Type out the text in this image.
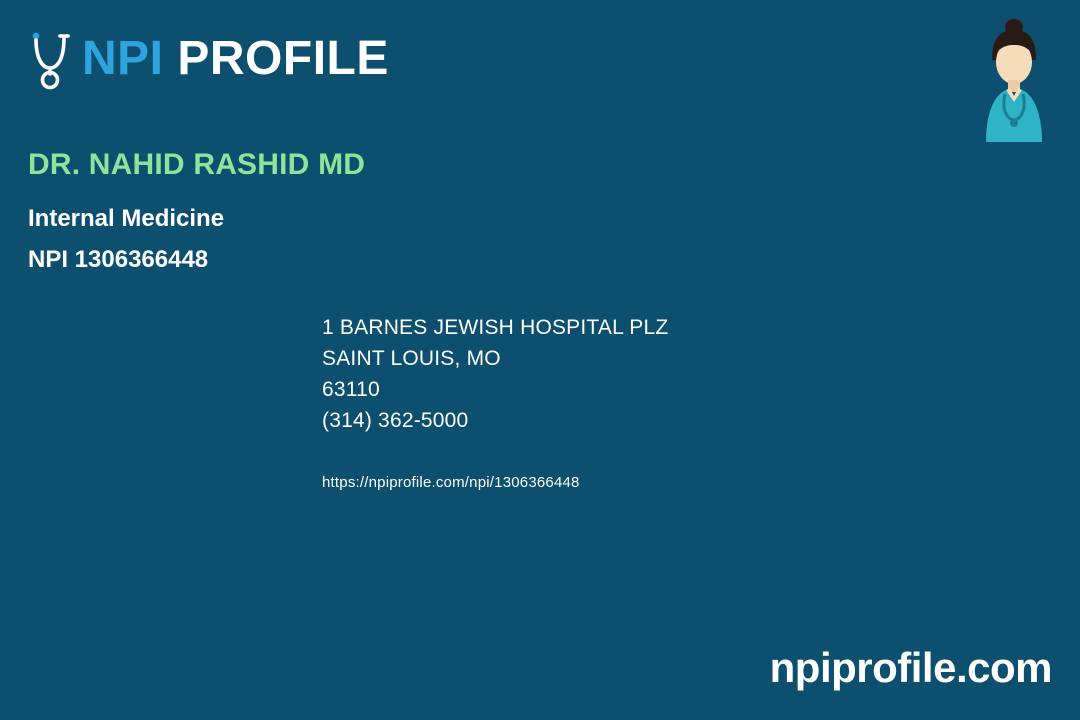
NPI PROFILE
DR. NAHID RASHID MD
Internal Medicine
NPI 1306366448
1 BARNES JEWISH HOSPITAL PLZ
SAINT LOUIS, MO
63110
(314) 362-5000
https://npiprofile.com/npi/1306366448
npiprofile.com
